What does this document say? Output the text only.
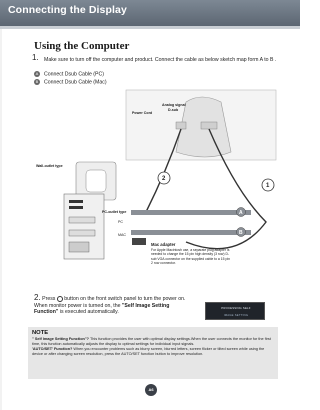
Connecting the Display
Using the Computer
1.	Make sure to turn off the computer and product. Connect the cable as below sketch map form A to B .
A Connect Dsub Cable (PC)
B Connect Dsub Cable (Mac)
Power Cord
Analog signal
D-sub
Wall-outlet type
PC-outlet type
PC
MAC
2
1
A
B
Mac adapter
For Apple Macintosh use, a separate plug adapter is needed to change the 15 pin high density (3 row) D-sub VGA connector on the supplied cable to a 15 pin 2 row connector.
2. Press  button on the front switch panel to turn the power on. When monitor power is turned on, the "Self Image Setting Function" is executed automatically.
PROCESSING SELF
IMAGE SETTING
NOTE
" Self Image Setting Function"? This function provides the user with optimal display settings.When the user connects the monitor for the first time, this function automatically adjusts the display to optimal settings for individual input signals.
'AUTO/SET' Function? When you encounter problems such as blurry screen, blurred letters, screen flicker or tilted screen while using the device or after changing screen resolution, press the AUTO/SET function button to improve resolution.
A6
